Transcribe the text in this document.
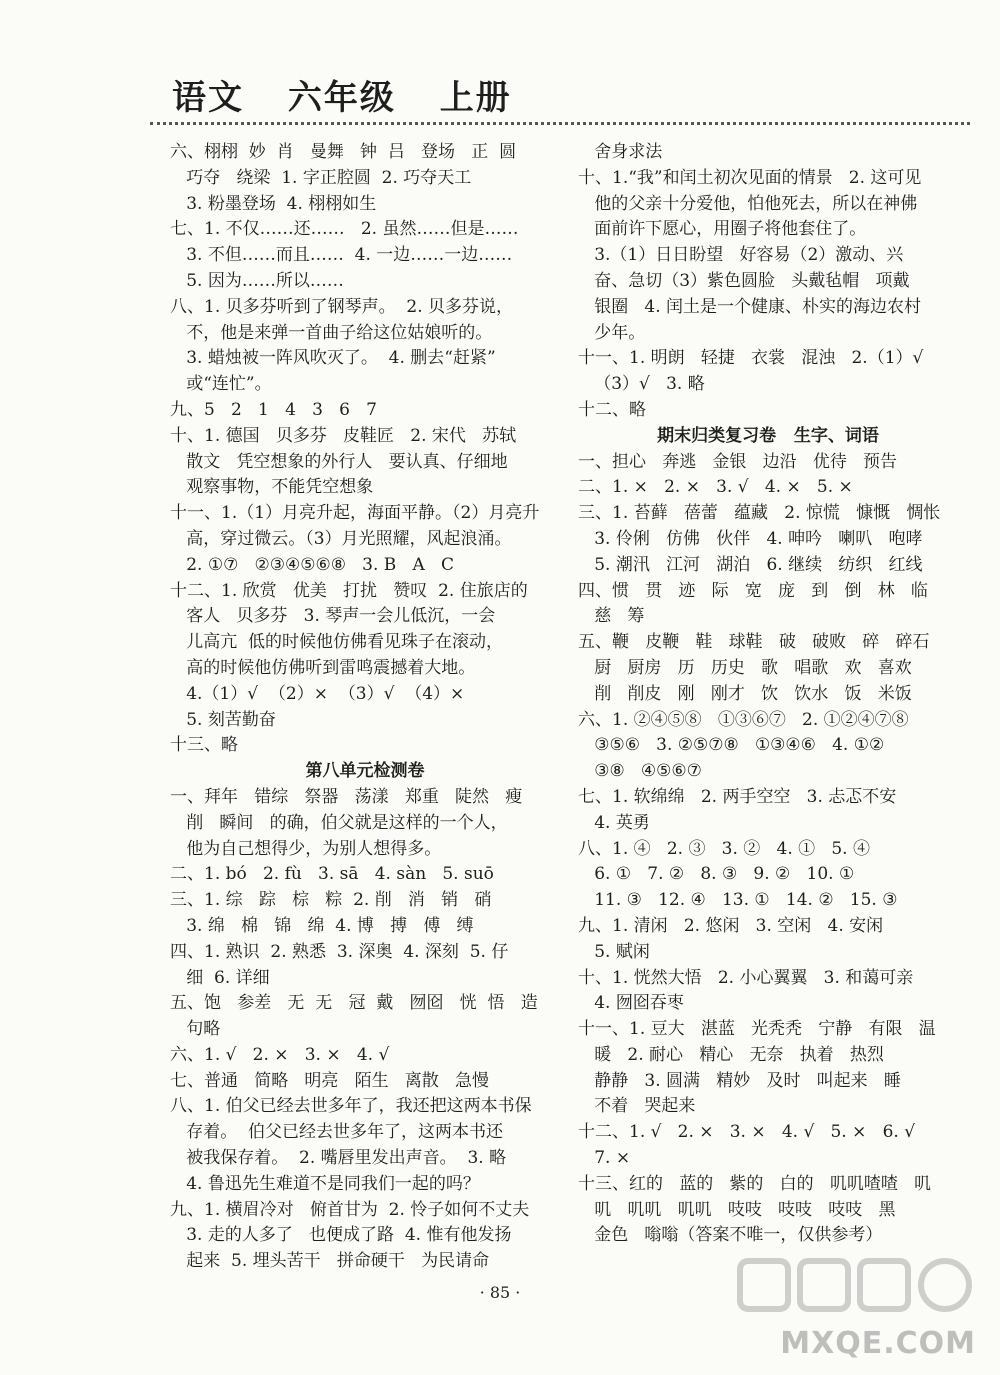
语文 六年级 上册
六、栩栩  妙  肖   曼舞   钟  吕   登场   正  圆
巧夺   绕梁  1. 字正腔圆  2. 巧夺天工
3. 粉墨登场  4. 栩栩如生
七、1. 不仅……还……   2. 虽然……但是……
3. 不但……而且……  4. 一边……一边……
5. 因为……所以……
八、1. 贝多芬听到了钢琴声。  2. 贝多芬说，
不，他是来弹一首曲子给这位姑娘听的。
3. 蜡烛被一阵风吹灭了。  4. 删去“赶紧”
或“连忙”。
九、5   2   1   4   3   6   7
十、1. 德国   贝多芬   皮鞋匠   2. 宋代   苏轼
散文   凭空想象的外行人   要认真、仔细地
观察事物，不能凭空想象
十一、1.（1）月亮升起，海面平静。（2）月亮升
高，穿过微云。（3）月光照耀，风起浪涌。
2. ①⑦   ②③④⑤⑥⑧   3. B   A   C
十二、1. 欣赏   优美   打扰   赞叹  2. 住旅店的
客人   贝多芬   3. 琴声一会儿低沉，一会
儿高亢  低的时候他仿佛看见珠子在滚动，
高的时候他仿佛听到雷鸣震撼着大地。
4.（1）√  （2）×  （3）√  （4）×
5. 刻苦勤奋
十三、略
第八单元检测卷
一、拜年   错综   祭器   荡漾   郑重   陡然   瘦
削   瞬间   的确，伯父就是这样的一个人，
他为自己想得少，为别人想得多。
二、1. bó   2. fù   3. sā   4. sàn   5. suō
三、1. 综   踪   棕   粽  2. 削   消   销   硝
3. 绵   棉   锦   绵  4. 博   搏   傅   缚
四、1. 熟识  2. 熟悉  3. 深奥  4. 深刻  5. 仔
细  6. 详细
五、饱   参差   无  无   冠  戴   囫囵   恍  悟   造
句略
六、1. √   2. ×   3. ×   4. √
七、普通   简略   明亮   陌生   离散   急慢
八、1. 伯父已经去世多年了，我还把这两本书保
存着。  伯父已经去世多年了，这两本书还
被我保存着。  2. 嘴唇里发出声音。  3. 略
4. 鲁迅先生难道不是同我们一起的吗？
九、1. 横眉冷对   俯首甘为  2. 怜子如何不丈夫
3. 走的人多了   也便成了路  4. 惟有他发扬
起来  5. 埋头苦干   拼命硬干   为民请命
舍身求法
十、1.“我”和闰土初次见面的情景   2. 这可见
他的父亲十分爱他，怕他死去，所以在神佛
面前许下愿心，用圈子将他套住了。
3.（1）日日盼望   好容易（2）激动、兴
奋、急切（3）紫色圆脸   头戴毡帽   项戴
银圈   4. 闰土是一个健康、朴实的海边农村
少年。
十一、1. 明朗   轻捷   衣裳   混浊   2.（1）√
（3）√   3. 略
十二、略
期末归类复习卷   生字、词语
一、担心   奔逃   金银   边沿   优待   预告
二、1. ×   2. ×   3. √   4. ×   5. ×
三、1. 苔藓   蓓蕾   蕴藏   2. 惊慌   慷慨   惆怅
3. 伶俐   仿佛   伙伴   4. 呻吟   喇叭   咆哮
5. 潮汛   江河   湖泊   6. 继续   纺织   红线
四、惯   贯   迹   际   宽   庞   到   倒   林   临
慈   筹
五、鞭   皮鞭   鞋   球鞋   破   破败   碎   碎石
厨   厨房   历   历史   歌   唱歌   欢   喜欢
削   削皮   刚   刚才   饮   饮水   饭   米饭
六、1. ②④⑤⑧   ①③⑥⑦   2. ①②④⑦⑧
③⑤⑥   3. ②⑤⑦⑧   ①③④⑥   4. ①②
③⑧   ④⑤⑥⑦
七、1. 软绵绵   2. 两手空空   3. 忐忑不安
4. 英勇
八、1. ④   2. ③   3. ②   4. ①   5. ④
6. ①   7. ②   8. ③   9. ②   10. ①
11. ③   12. ④   13. ①   14. ②   15. ③
九、1. 清闲   2. 悠闲   3. 空闲   4. 安闲
5. 赋闲
十、1. 恍然大悟   2. 小心翼翼   3. 和蔼可亲
4. 囫囵吞枣
十一、1. 豆大   湛蓝   光秃秃   宁静   有限   温
暖   2. 耐心   精心   无奈   执着   热烈
静静   3. 圆满   精妙   及时   叫起来   睡
不着   哭起来
十二、1. √   2. ×   3. ×   4. √   5. ×   6. √
7. ×
十三、红的   蓝的   紫的   白的   叽叽喳喳   叽
叽   叽叽   叽叽   吱吱   吱吱   吱吱   黑
金色   嗡嗡（答案不唯一，仅供参考）
· 85 ·
MXQE.COM
